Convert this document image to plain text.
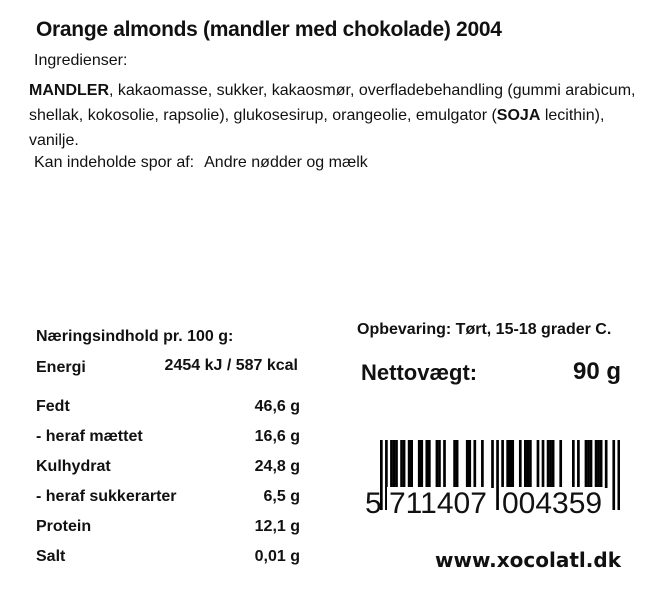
Orange almonds (mandler med chokolade) 2004
Ingredienser:
MANDLER, kakaomasse, sukker, kakaosmør, overfladebehandling (gummi arabicum, shellak, kokosolie, rapsolie), glukosesirup, orangeolie, emulgator (SOJA lecithin), vanilje.
Kan indeholde spor af: Andre nødder og mælk
Næringsindhold pr. 100 g:
Energi	2454 kJ / 587 kcal
Fedt	46,6 g
- heraf mættet	16,6 g
Kulhydrat	24,8 g
- heraf sukkerarter	6,5 g
Protein	12,1 g
Salt	0,01 g
Opbevaring: Tørt, 15-18 grader C.
Nettovægt:	90 g
5 711407 004359
www.xocolatl.dk
